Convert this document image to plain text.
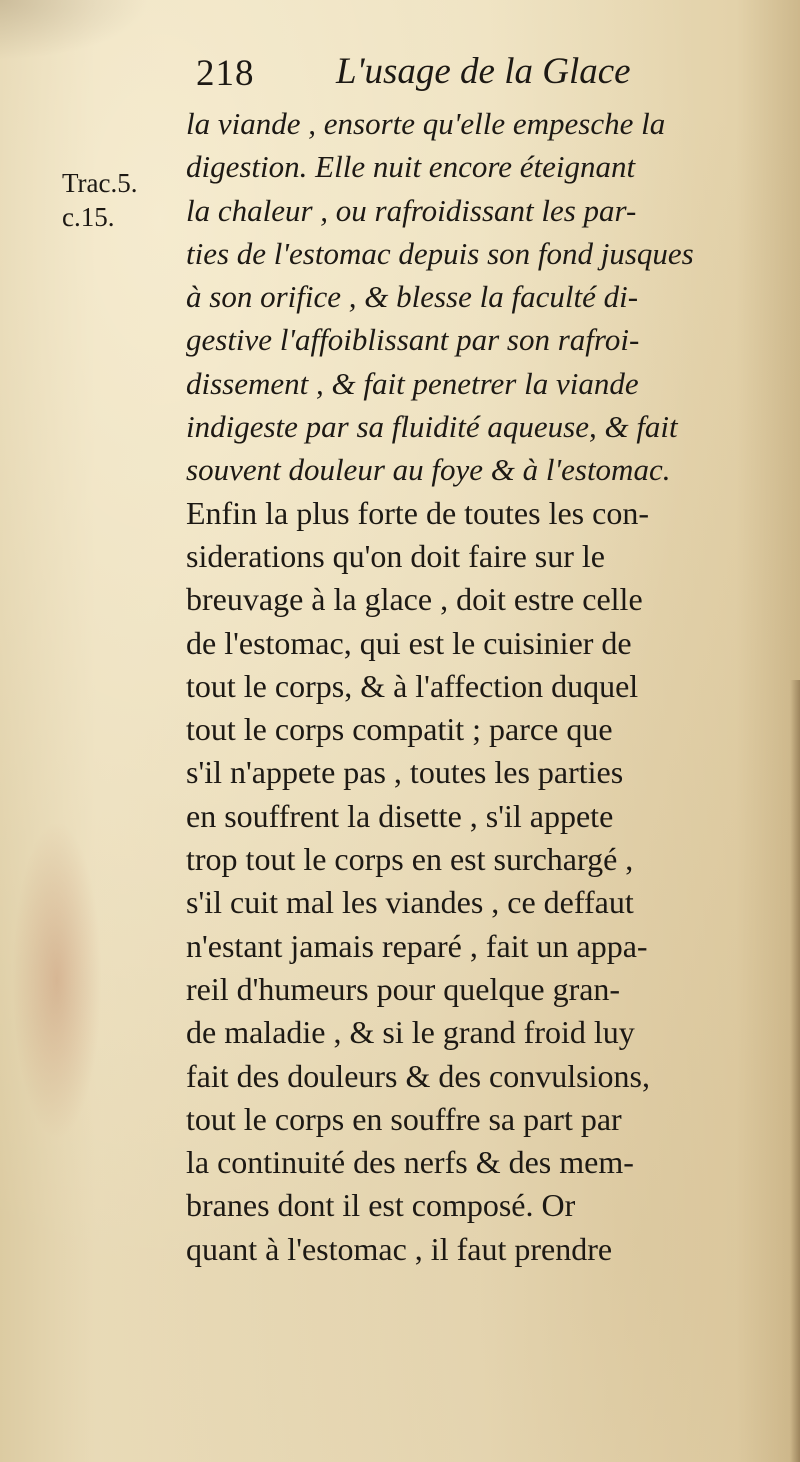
218 L'usage de la Glace
Trac.5.
c.15.
la viande , ensorte qu'elle empesche la
digestion. Elle nuit encore éteignant
la chaleur , ou rafroidissant les par-
ties de l'estomac depuis son fond jusques
à son orifice , & blesse la faculté di-
gestive l'affoiblissant par son rafroi-
dissement , & fait penetrer la viande
indigeste par sa fluidité aqueuse, & fait
souvent douleur au foye & à l'estomac.
Enfin la plus forte de toutes les con-
siderations qu'on doit faire sur le
breuvage à la glace , doit estre celle
de l'estomac, qui est le cuisinier de
tout le corps, & à l'affection duquel
tout le corps compatit ; parce que
s'il n'appete pas , toutes les parties
en souffrent la disette , s'il appete
trop tout le corps en est surchargé ,
s'il cuit mal les viandes , ce deffaut
n'estant jamais reparé , fait un appa-
reil d'humeurs pour quelque gran-
de maladie , & si le grand froid luy
fait des douleurs & des convulsions,
tout le corps en souffre sa part par
la continuité des nerfs & des mem-
branes dont il est composé. Or
quant à l'estomac , il faut prendre
